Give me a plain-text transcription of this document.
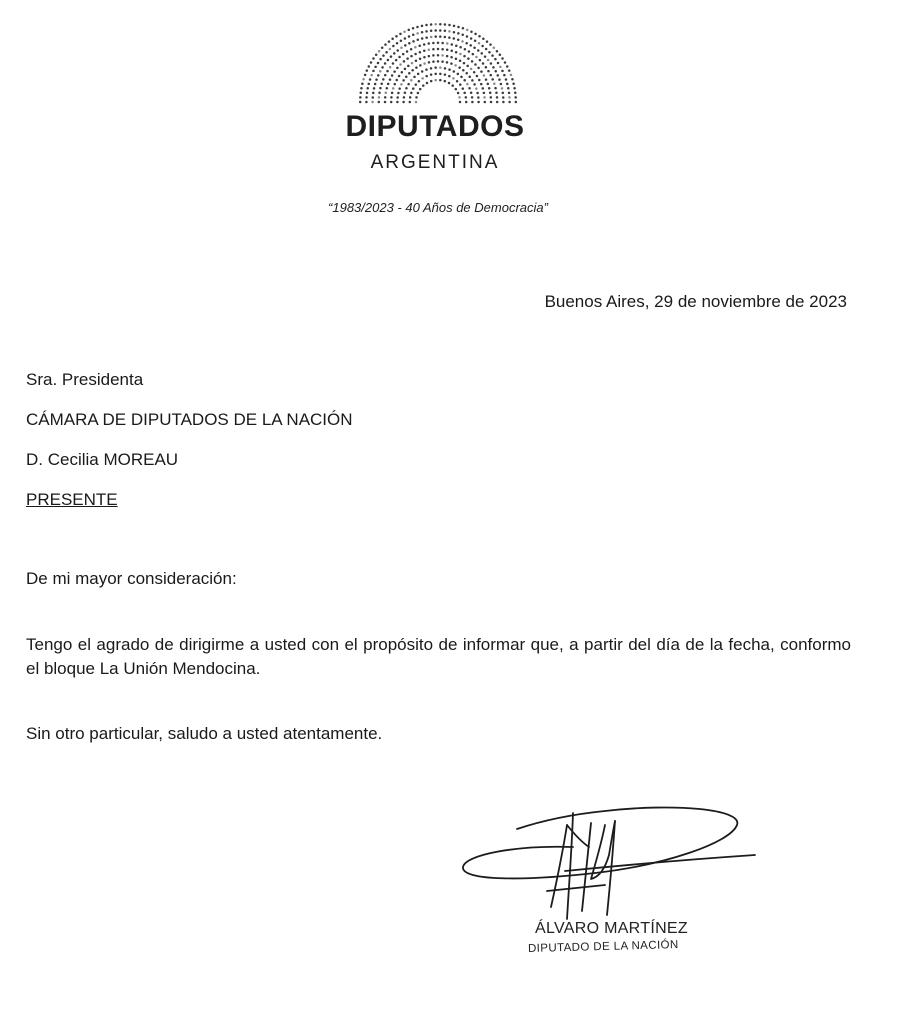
DIPUTADOS
ARGENTINA
“1983/2023 - 40 Años de Democracia”
Buenos Aires, 29 de noviembre de 2023
Sra. Presidenta
CÁMARA DE DIPUTADOS DE LA NACIÓN
D. Cecilia MOREAU
PRESENTE
De mi mayor consideración:
Tengo el agrado de dirigirme a usted con el propósito de informar que, a partir del día de la fecha, conformo el bloque La Unión Mendocina.
Sin otro particular, saludo a usted atentamente.
ÁLVARO MARTÍNEZ
DIPUTADO DE LA NACIÓN
